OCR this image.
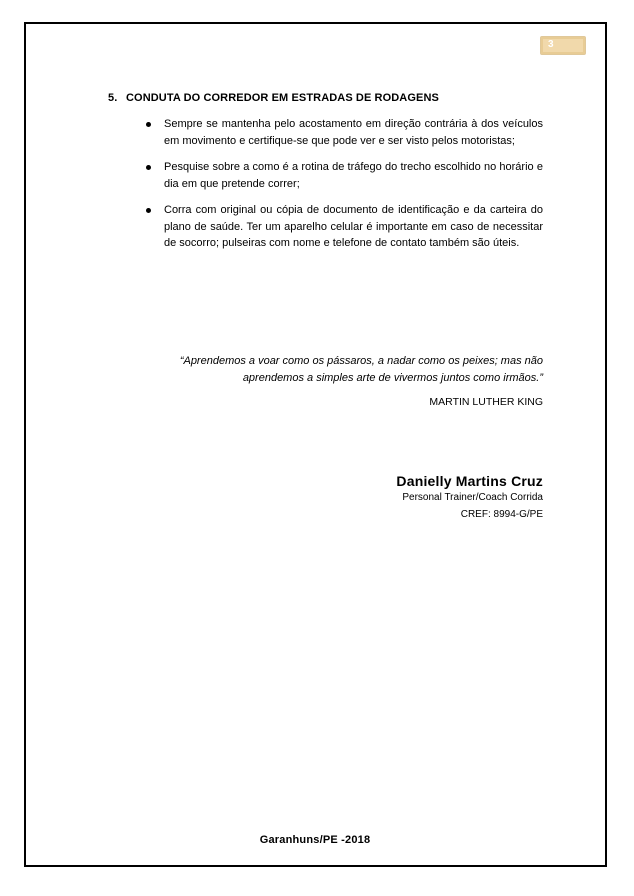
3
5. CONDUTA DO CORREDOR EM ESTRADAS DE RODAGENS
Sempre se mantenha pelo acostamento em direção contrária à dos veículos em movimento e certifique-se que pode ver e ser visto pelos motoristas;
Pesquise sobre a como é a rotina de tráfego do trecho escolhido no horário e dia em que pretende correr;
Corra com original ou cópia de documento de identificação e da carteira do plano de saúde. Ter um aparelho celular é importante em caso de necessitar de socorro; pulseiras com nome e telefone de contato também são úteis.
“Aprendemos a voar como os pássaros, a nadar como os peixes; mas não aprendemos a simples arte de vivermos juntos como irmãos.”
MARTIN LUTHER KING
Danielly Martins Cruz
Personal Trainer/Coach Corrida
CREF: 8994-G/PE
Garanhuns/PE -2018
